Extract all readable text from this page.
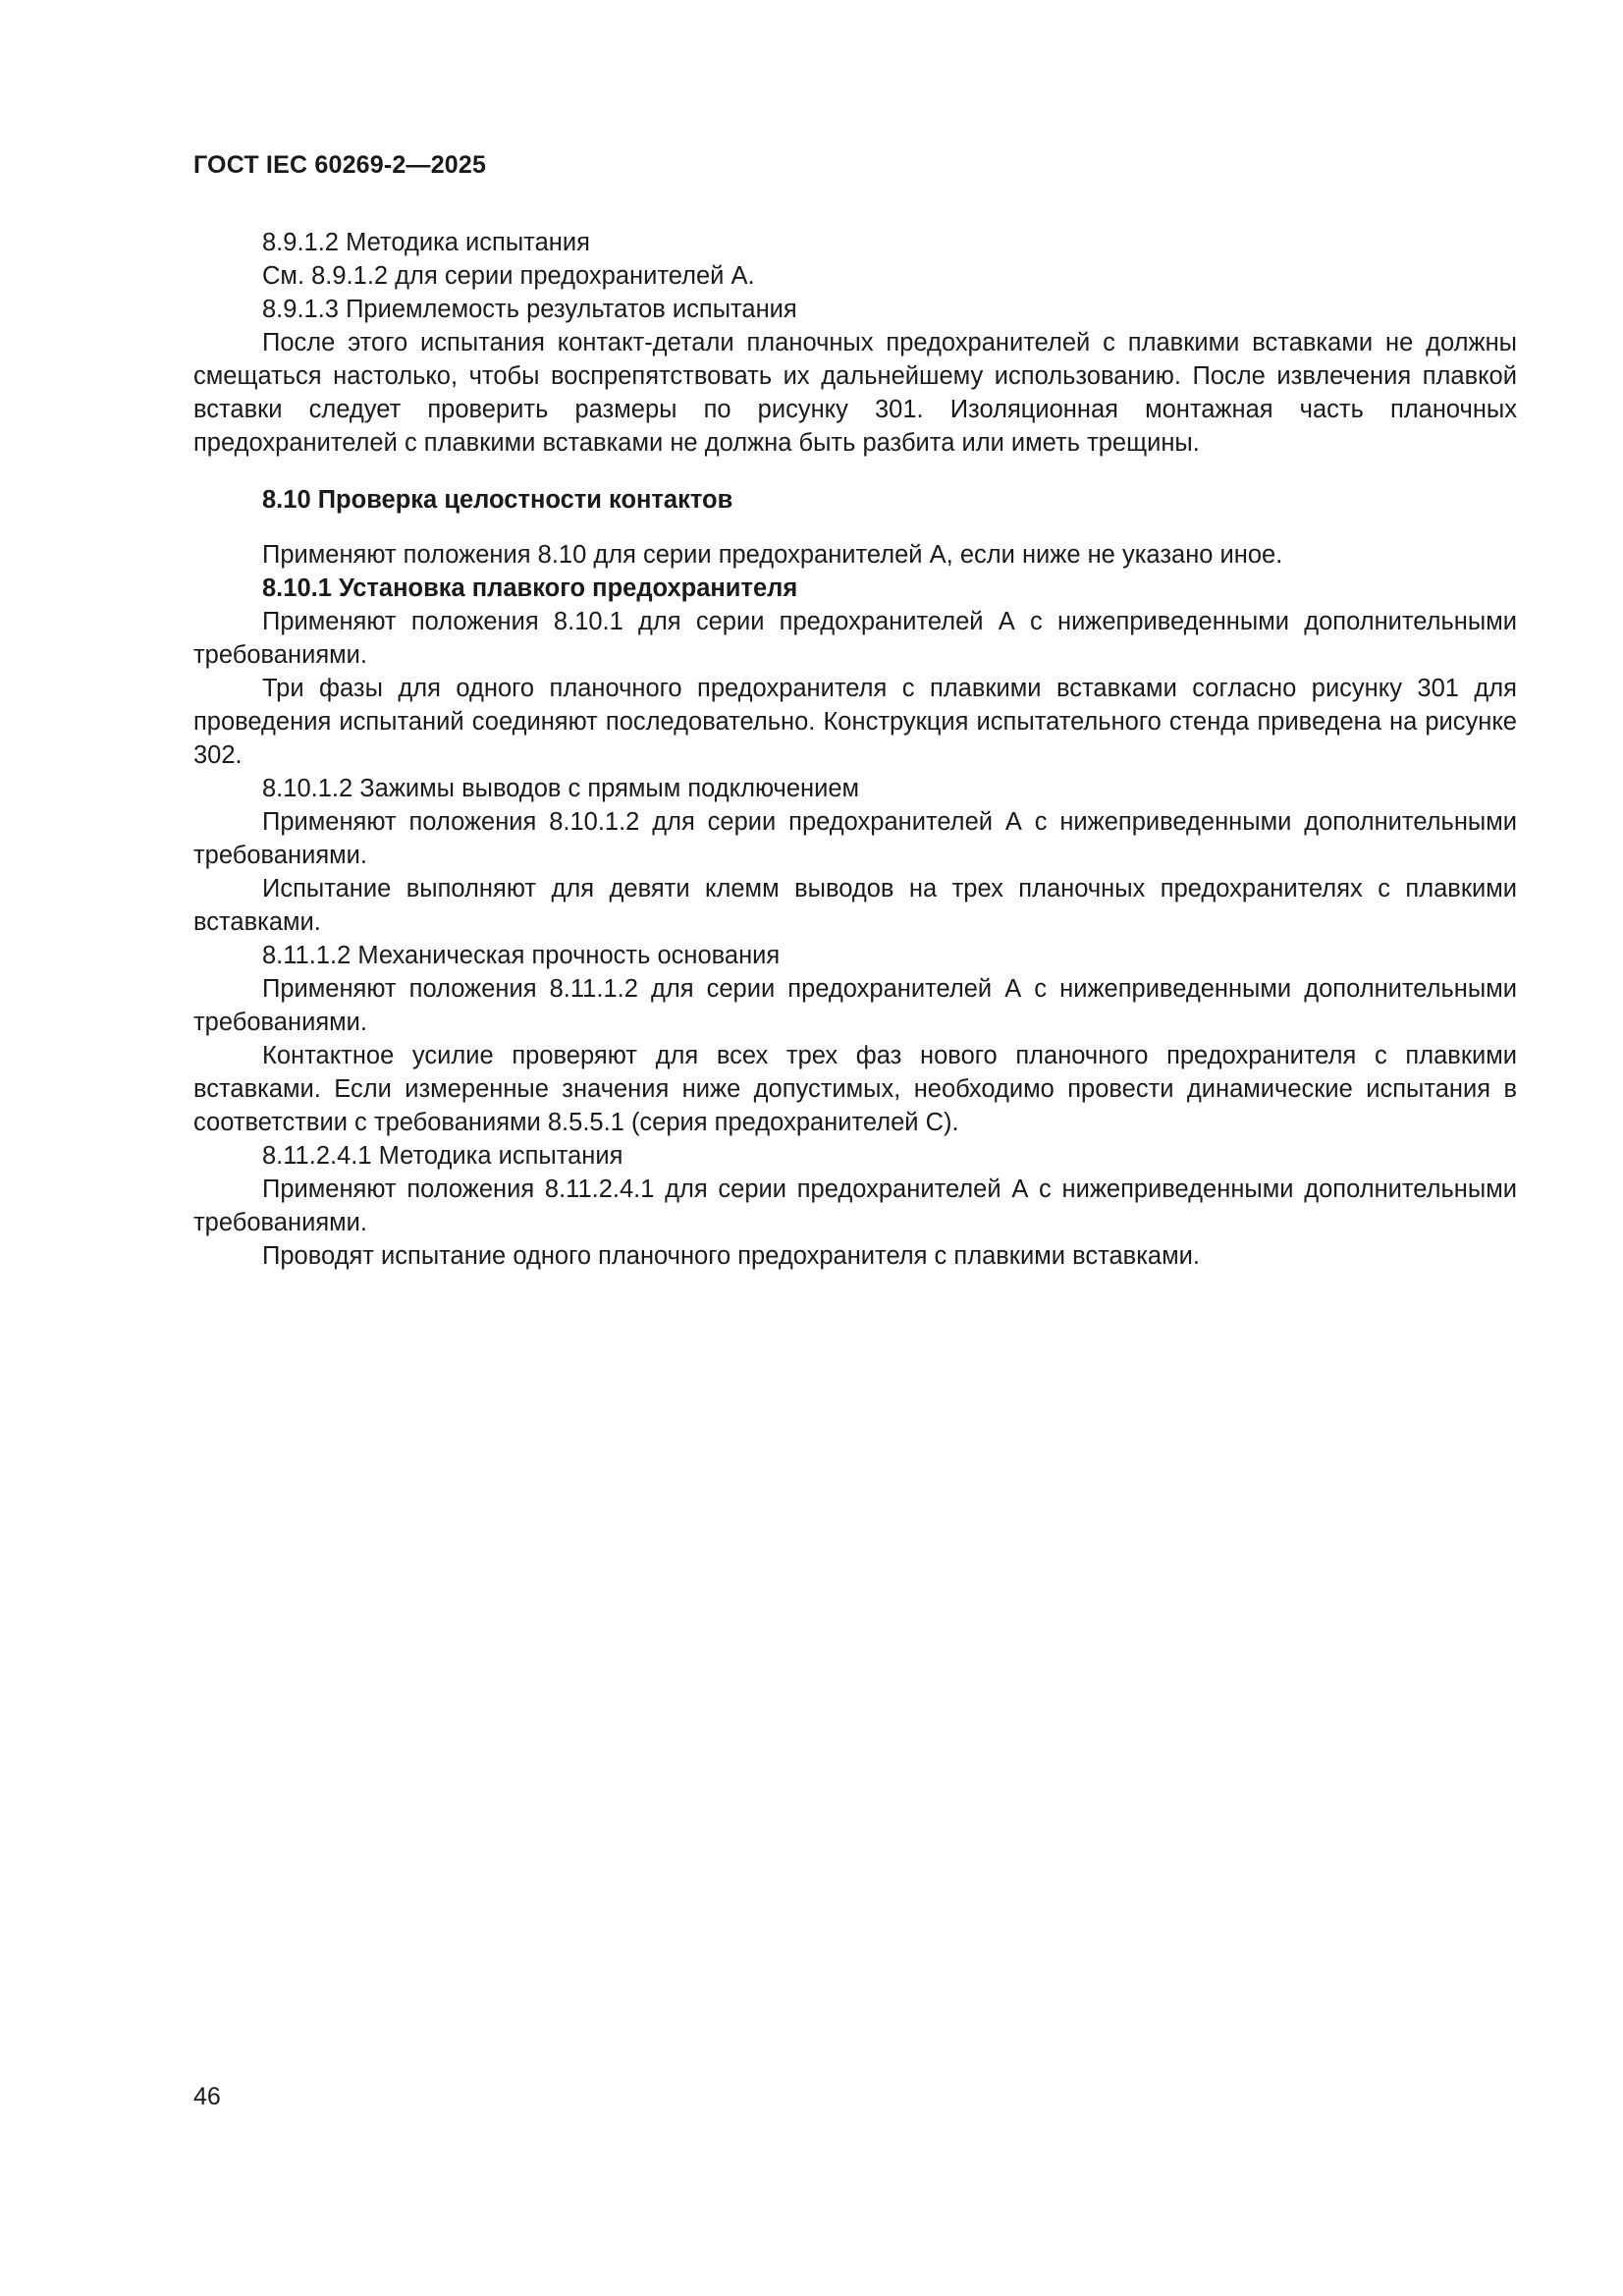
ГОСТ IEC 60269-2—2025

8.9.1.2 Методика испытания

См. 8.9.1.2 для серии предохранителей А.

8.9.1.3 Приемлемость результатов испытания

После этого испытания контакт-детали планочных предохранителей с плавкими вставками не должны смещаться настолько, чтобы воспрепятствовать их дальнейшему использованию. После извлечения плавкой вставки следует проверить размеры по рисунку 301. Изоляционная монтажная часть планочных предохранителей с плавкими вставками не должна быть разбита или иметь трещины.

8.10 Проверка целостности контактов

Применяют положения 8.10 для серии предохранителей А, если ниже не указано иное.

8.10.1 Установка плавкого предохранителя

Применяют положения 8.10.1 для серии предохранителей А с нижеприведенными дополнительными требованиями.

Три фазы для одного планочного предохранителя с плавкими вставками согласно рисунку 301 для проведения испытаний соединяют последовательно. Конструкция испытательного стенда приведена на рисунке 302.

8.10.1.2 Зажимы выводов с прямым подключением

Применяют положения 8.10.1.2 для серии предохранителей А с нижеприведенными дополнительными требованиями.

Испытание выполняют для девяти клемм выводов на трех планочных предохранителях с плавкими вставками.

8.11.1.2 Механическая прочность основания

Применяют положения 8.11.1.2 для серии предохранителей А с нижеприведенными дополнительными требованиями.

Контактное усилие проверяют для всех трех фаз нового планочного предохранителя с плавкими вставками. Если измеренные значения ниже допустимых, необходимо провести динамические испытания в соответствии с требованиями 8.5.5.1 (серия предохранителей С).

8.11.2.4.1 Методика испытания

Применяют положения 8.11.2.4.1 для серии предохранителей А с нижеприведенными дополнительными требованиями.

Проводят испытание одного планочного предохранителя с плавкими вставками.

46
